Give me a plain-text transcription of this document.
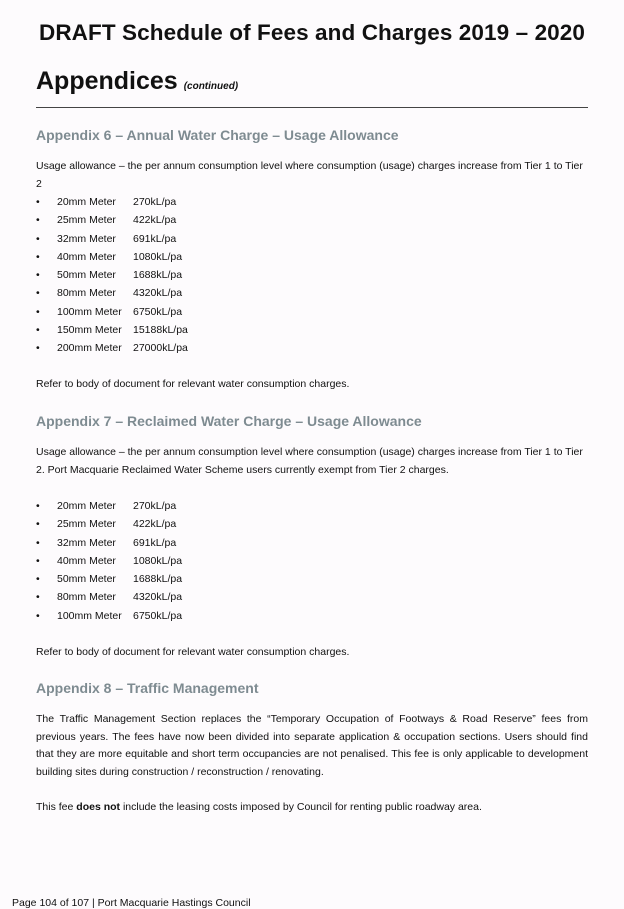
DRAFT Schedule of Fees and Charges 2019 – 2020
Appendices (continued)
Appendix 6 – Annual Water Charge – Usage Allowance
Usage allowance – the per annum consumption level where consumption (usage) charges increase from Tier 1 to Tier 2
•	20mm Meter 270kL/pa
•	25mm Meter 422kL/pa
•	32mm Meter 691kL/pa
•	40mm Meter 1080kL/pa
•	50mm Meter 1688kL/pa
•	80mm Meter 4320kL/pa
•	100mm Meter 6750kL/pa
•	150mm Meter 15188kL/pa
•	200mm Meter 27000kL/pa
Refer to body of document for relevant water consumption charges.
Appendix 7 – Reclaimed Water Charge – Usage Allowance
Usage allowance – the per annum consumption level where consumption (usage) charges increase from Tier 1 to Tier 2. Port Macquarie Reclaimed Water Scheme users currently exempt from Tier 2 charges.
•	20mm Meter 270kL/pa
•	25mm Meter 422kL/pa
•	32mm Meter 691kL/pa
•	40mm Meter 1080kL/pa
•	50mm Meter 1688kL/pa
•	80mm Meter 4320kL/pa
•	100mm Meter 6750kL/pa
Refer to body of document for relevant water consumption charges.
Appendix 8 – Traffic Management
The Traffic Management Section replaces the “Temporary Occupation of Footways & Road Reserve” fees from previous years. The fees have now been divided into separate application & occupation sections. Users should find that they are more equitable and short term occupancies are not penalised. This fee is only applicable to development building sites during construction / reconstruction / renovating.
This fee does not include the leasing costs imposed by Council for renting public roadway area.
Page 104 of 107 | Port Macquarie Hastings Council
